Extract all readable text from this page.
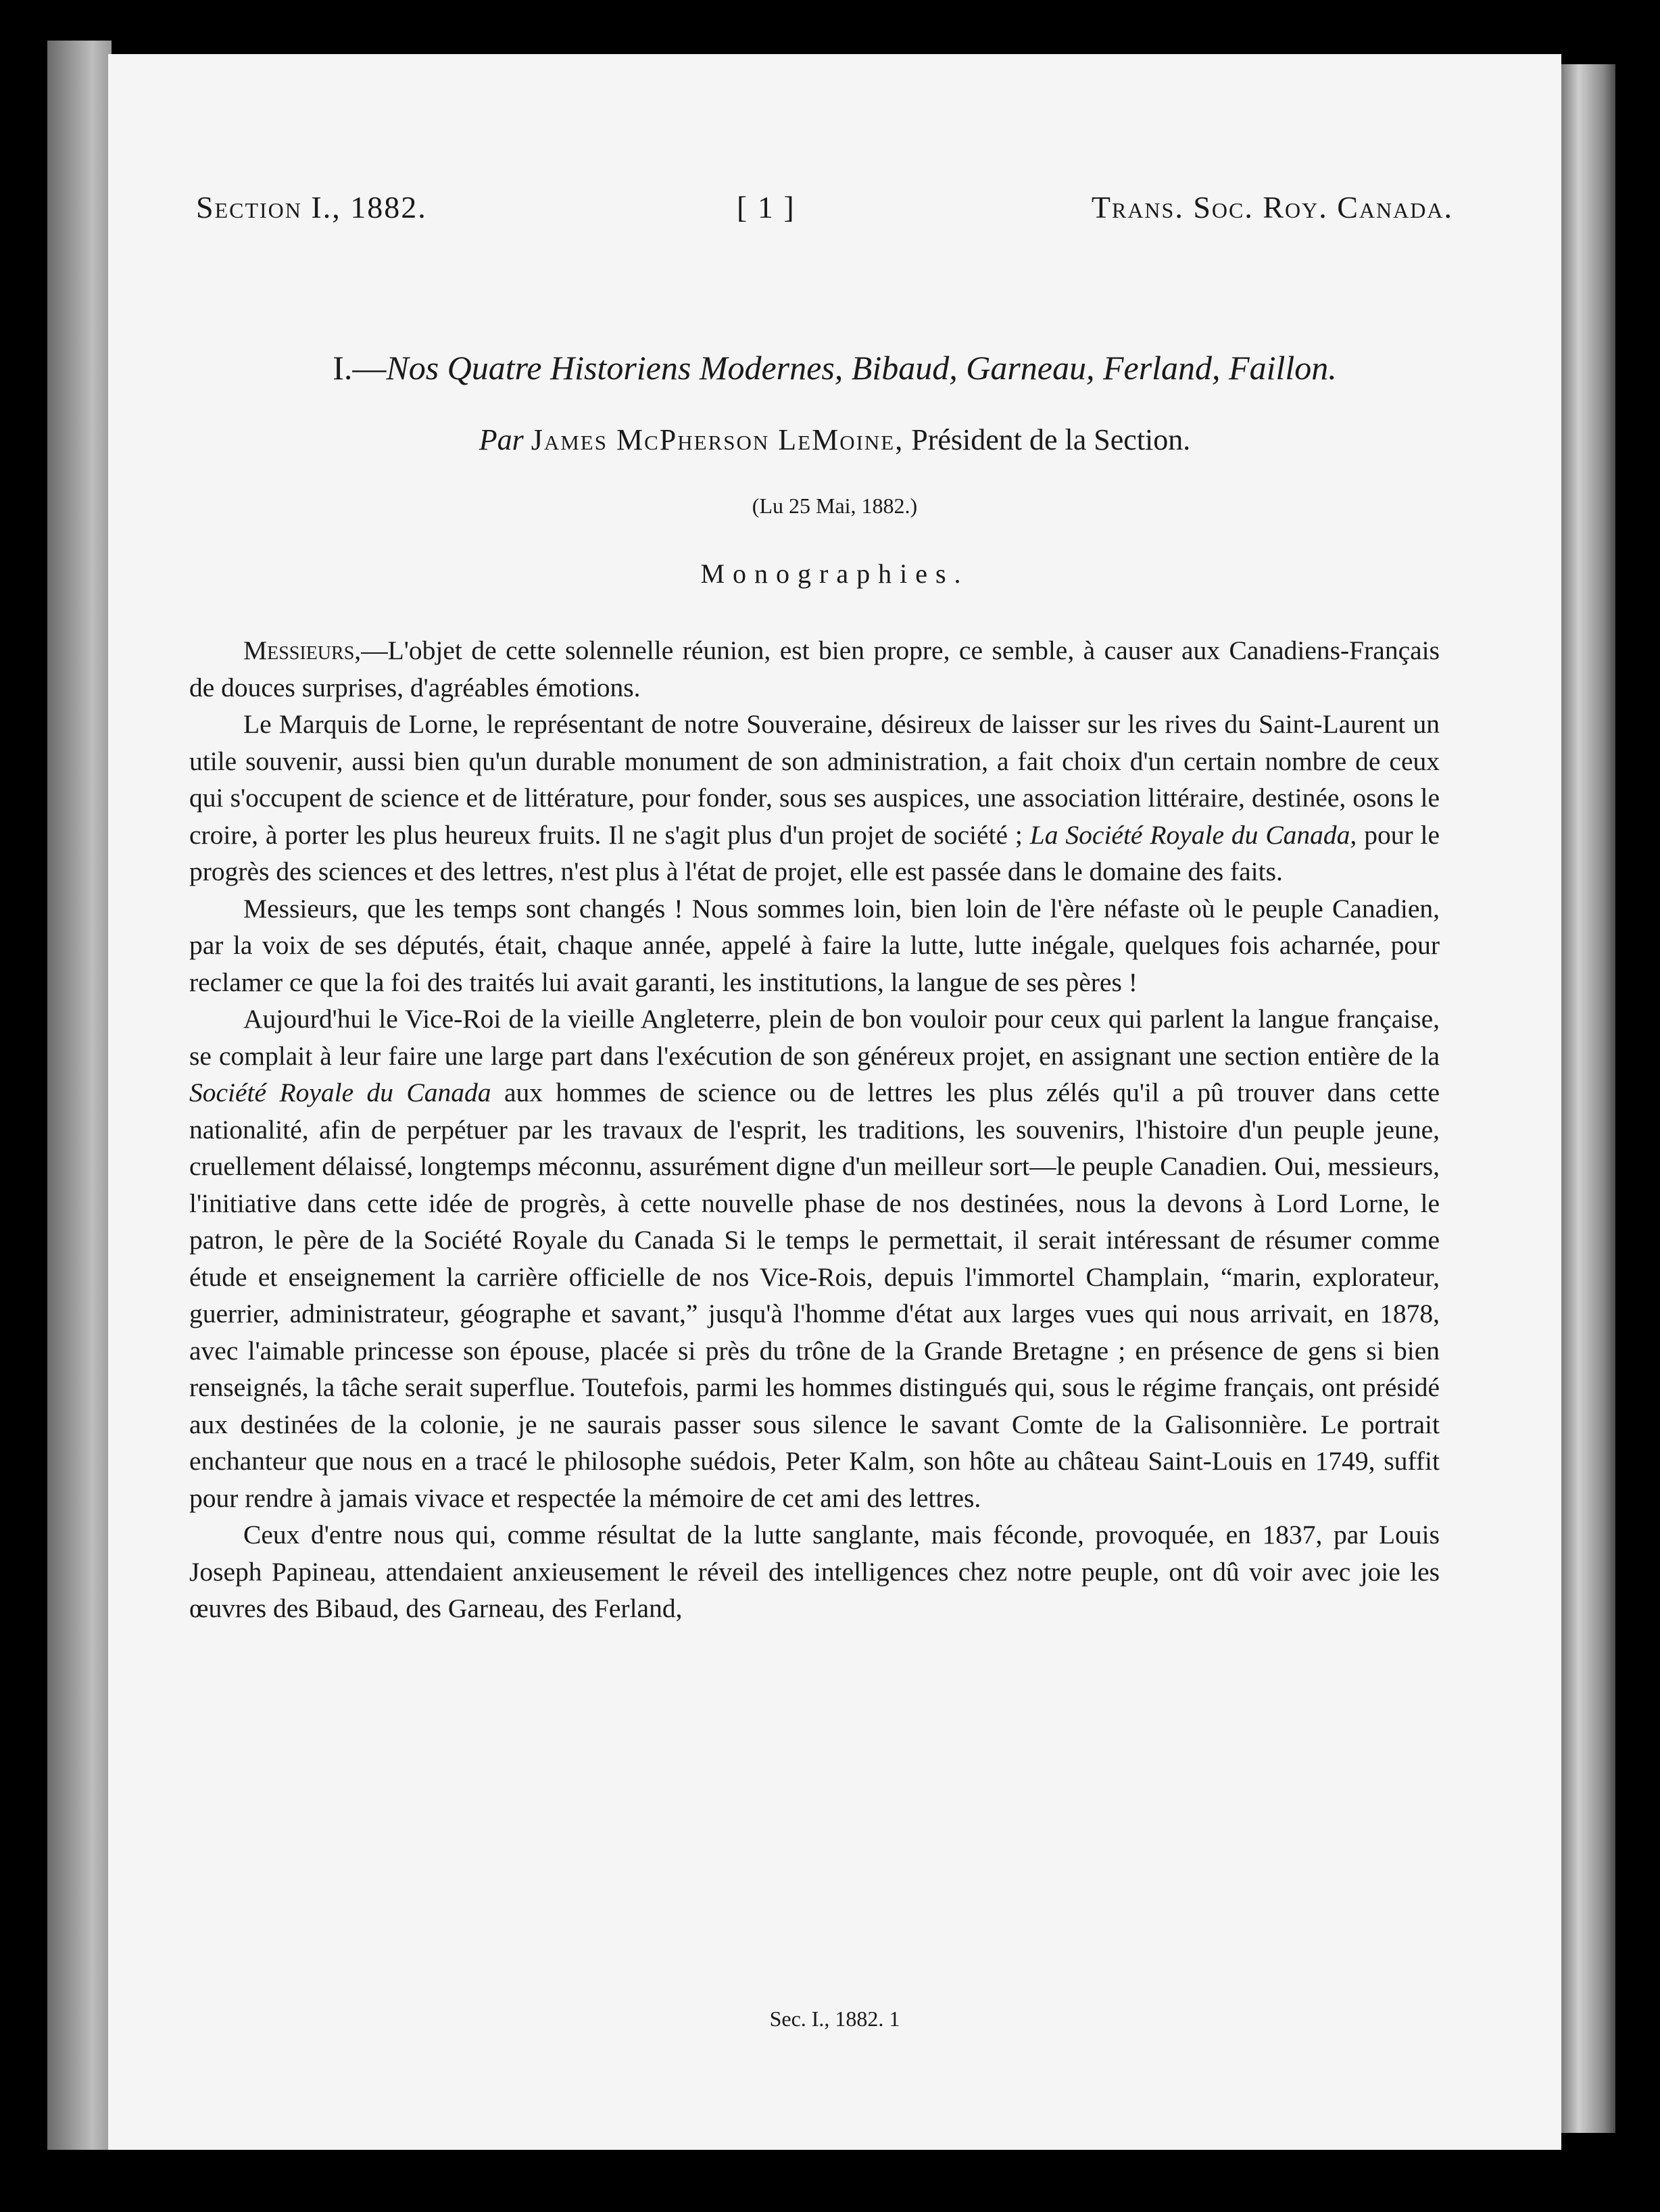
Section I., 1882.	[ 1 ]	Trans. Soc. Roy. Canada.
I.—Nos Quatre Historiens Modernes, Bibaud, Garneau, Ferland, Faillon.
Par James McPherson LeMoine, Président de la Section.
(Lu 25 Mai, 1882.)
Monographies.

Messieurs,—L'objet de cette solennelle réunion, est bien propre, ce semble, à causer aux Canadiens-Français de douces surprises, d'agréables émotions.

Le Marquis de Lorne, le représentant de notre Souveraine, désireux de laisser sur les rives du Saint-Laurent un utile souvenir, aussi bien qu'un durable monument de son administration, a fait choix d'un certain nombre de ceux qui s'occupent de science et de littérature, pour fonder, sous ses auspices, une association littéraire, destinée, osons le croire, à porter les plus heureux fruits. Il ne s'agit plus d'un projet de société ; La Société Royale du Canada, pour le progrès des sciences et des lettres, n'est plus à l'état de projet, elle est passée dans le domaine des faits.

Messieurs, que les temps sont changés ! Nous sommes loin, bien loin de l'ère néfaste où le peuple Canadien, par la voix de ses députés, était, chaque année, appelé à faire la lutte, lutte inégale, quelques fois acharnée, pour reclamer ce que la foi des traités lui avait garanti, les institutions, la langue de ses pères !

Aujourd'hui le Vice-Roi de la vieille Angleterre, plein de bon vouloir pour ceux qui parlent la langue française, se complait à leur faire une large part dans l'exécution de son généreux projet, en assignant une section entière de la Société Royale du Canada aux hommes de science ou de lettres les plus zélés qu'il a pû trouver dans cette nationalité, afin de perpétuer par les travaux de l'esprit, les traditions, les souvenirs, l'histoire d'un peuple jeune, cruellement délaissé, longtemps méconnu, assurément digne d'un meilleur sort—le peuple Canadien. Oui, messieurs, l'initiative dans cette idée de progrès, à cette nouvelle phase de nos destinées, nous la devons à Lord Lorne, le patron, le père de la Société Royale du Canada Si le temps le permettait, il serait intéressant de résumer comme étude et enseignement la carrière officielle de nos Vice-Rois, depuis l'immortel Champlain, “marin, explorateur, guerrier, administrateur, géographe et savant,” jusqu'à l'homme d'état aux larges vues qui nous arrivait, en 1878, avec l'aimable princesse son épouse, placée si près du trône de la Grande Bretagne ; en présence de gens si bien renseignés, la tâche serait superflue. Toutefois, parmi les hommes distingués qui, sous le régime français, ont présidé aux destinées de la colonie, je ne saurais passer sous silence le savant Comte de la Galisonnière. Le portrait enchanteur que nous en a tracé le philosophe suédois, Peter Kalm, son hôte au château Saint-Louis en 1749, suffit pour rendre à jamais vivace et respectée la mémoire de cet ami des lettres.

Ceux d'entre nous qui, comme résultat de la lutte sanglante, mais féconde, provoquée, en 1837, par Louis Joseph Papineau, attendaient anxieusement le réveil des intelligences chez notre peuple, ont dû voir avec joie les œuvres des Bibaud, des Garneau, des Ferland,

Sec. I., 1882. 1
